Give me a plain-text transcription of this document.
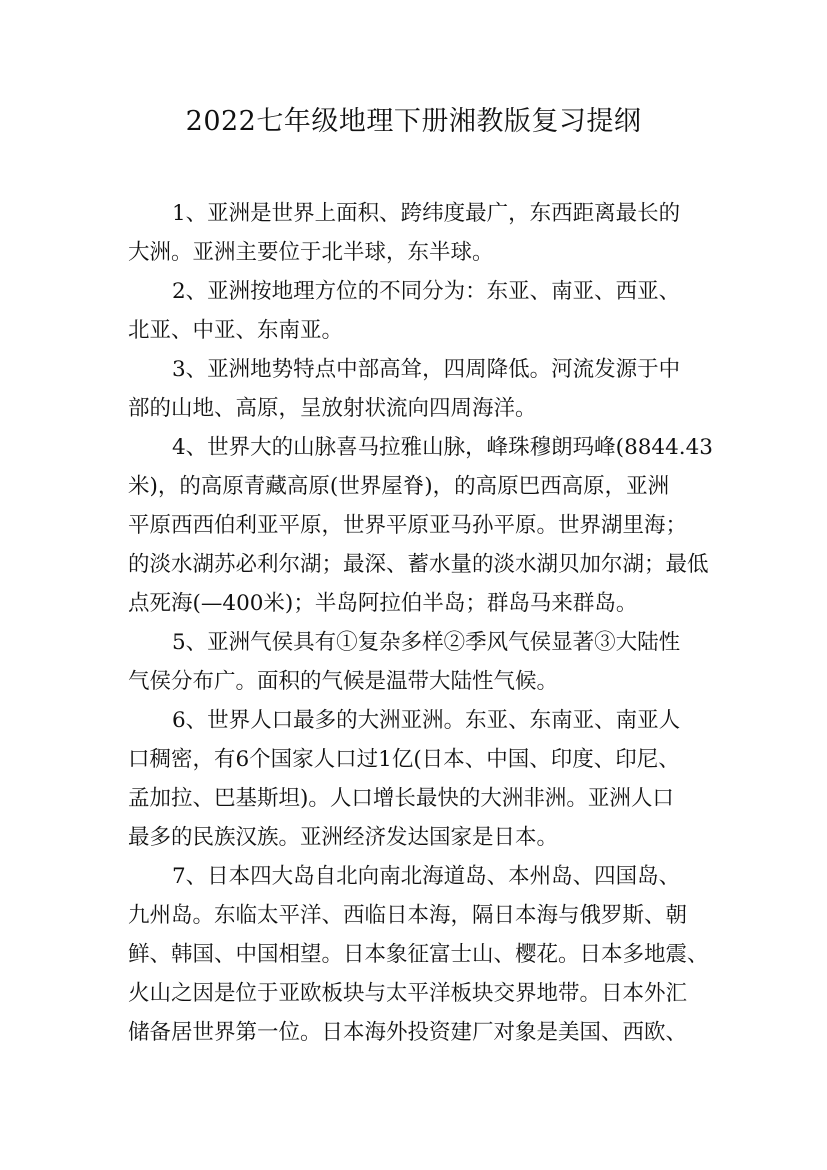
2022七年级地理下册湘教版复习提纲
1、亚洲是世界上面积、跨纬度最广，东西距离最长的
大洲。亚洲主要位于北半球，东半球。
2、亚洲按地理方位的不同分为：东亚、南亚、西亚、
北亚、中亚、东南亚。
3、亚洲地势特点中部高耸，四周降低。河流发源于中
部的山地、高原，呈放射状流向四周海洋。
4、世界大的山脉喜马拉雅山脉，峰珠穆朗玛峰(8844.43
米)，的高原青藏高原(世界屋脊)，的高原巴西高原，亚洲
平原西西伯利亚平原，世界平原亚马孙平原。世界湖里海；
的淡水湖苏必利尔湖；最深、蓄水量的淡水湖贝加尔湖；最低
点死海(—400米)；半岛阿拉伯半岛；群岛马来群岛。
5、亚洲气侯具有①复杂多样②季风气侯显著③大陆性
气侯分布广。面积的气候是温带大陆性气候。
6、世界人口最多的大洲亚洲。东亚、东南亚、南亚人
口稠密，有6个国家人口过1亿(日本、中国、印度、印尼、
孟加拉、巴基斯坦)。人口增长最快的大洲非洲。亚洲人口
最多的民族汉族。亚洲经济发达国家是日本。
7、日本四大岛自北向南北海道岛、本州岛、四国岛、
九州岛。东临太平洋、西临日本海，隔日本海与俄罗斯、朝
鲜、韩国、中国相望。日本象征富士山、樱花。日本多地震、
火山之因是位于亚欧板块与太平洋板块交界地带。日本外汇
储备居世界第一位。日本海外投资建厂对象是美国、西欧、
